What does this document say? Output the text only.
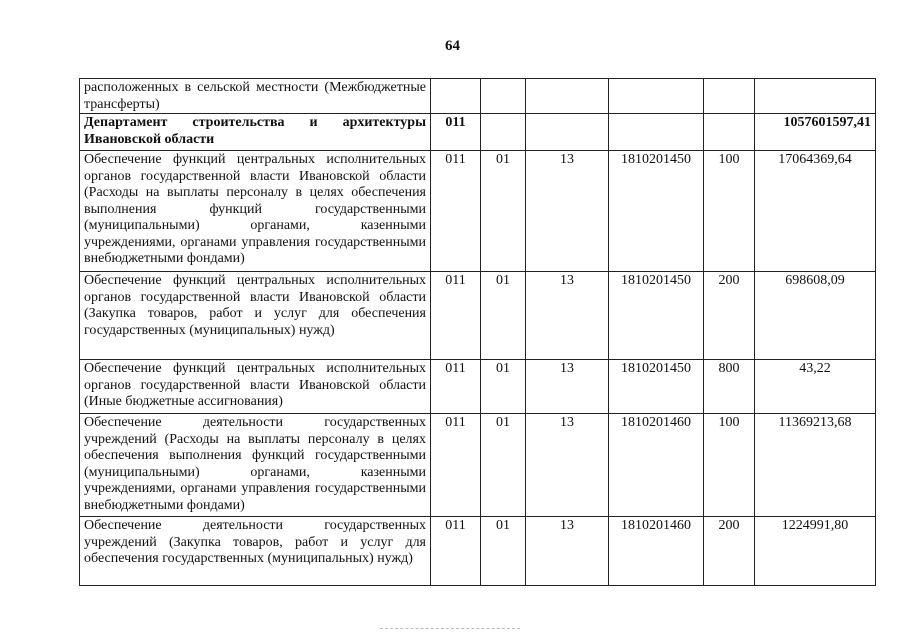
64
расположенных в сельской местности (Межбюджетные трансферты)						
Департамент строительства и архитектуры Ивановской области	011					1057601597,41
Обеспечение функций центральных исполнительных органов государственной власти Ивановской области (Расходы на выплаты персоналу в целях обеспечения выполнения функций государственными (муниципальными) органами, казенными учреждениями, органами управления государственными внебюджетными фондами)	011	01	13	1810201450	100	17064369,64
Обеспечение функций центральных исполнительных органов государственной власти Ивановской области (Закупка товаров, работ и услуг для обеспечения государственных (муниципальных) нужд)	011	01	13	1810201450	200	698608,09
Обеспечение функций центральных исполнительных органов государственной власти Ивановской области (Иные бюджетные ассигнования)	011	01	13	1810201450	800	43,22
Обеспечение деятельности государственных учреждений (Расходы на выплаты персоналу в целях обеспечения выполнения функций государственными (муниципальными) органами, казенными учреждениями, органами управления государственными внебюджетными фондами)	011	01	13	1810201460	100	11369213,68
Обеспечение деятельности государственных учреждений (Закупка товаров, работ и услуг для обеспечения государственных (муниципальных) нужд)	011	01	13	1810201460	200	1224991,80
